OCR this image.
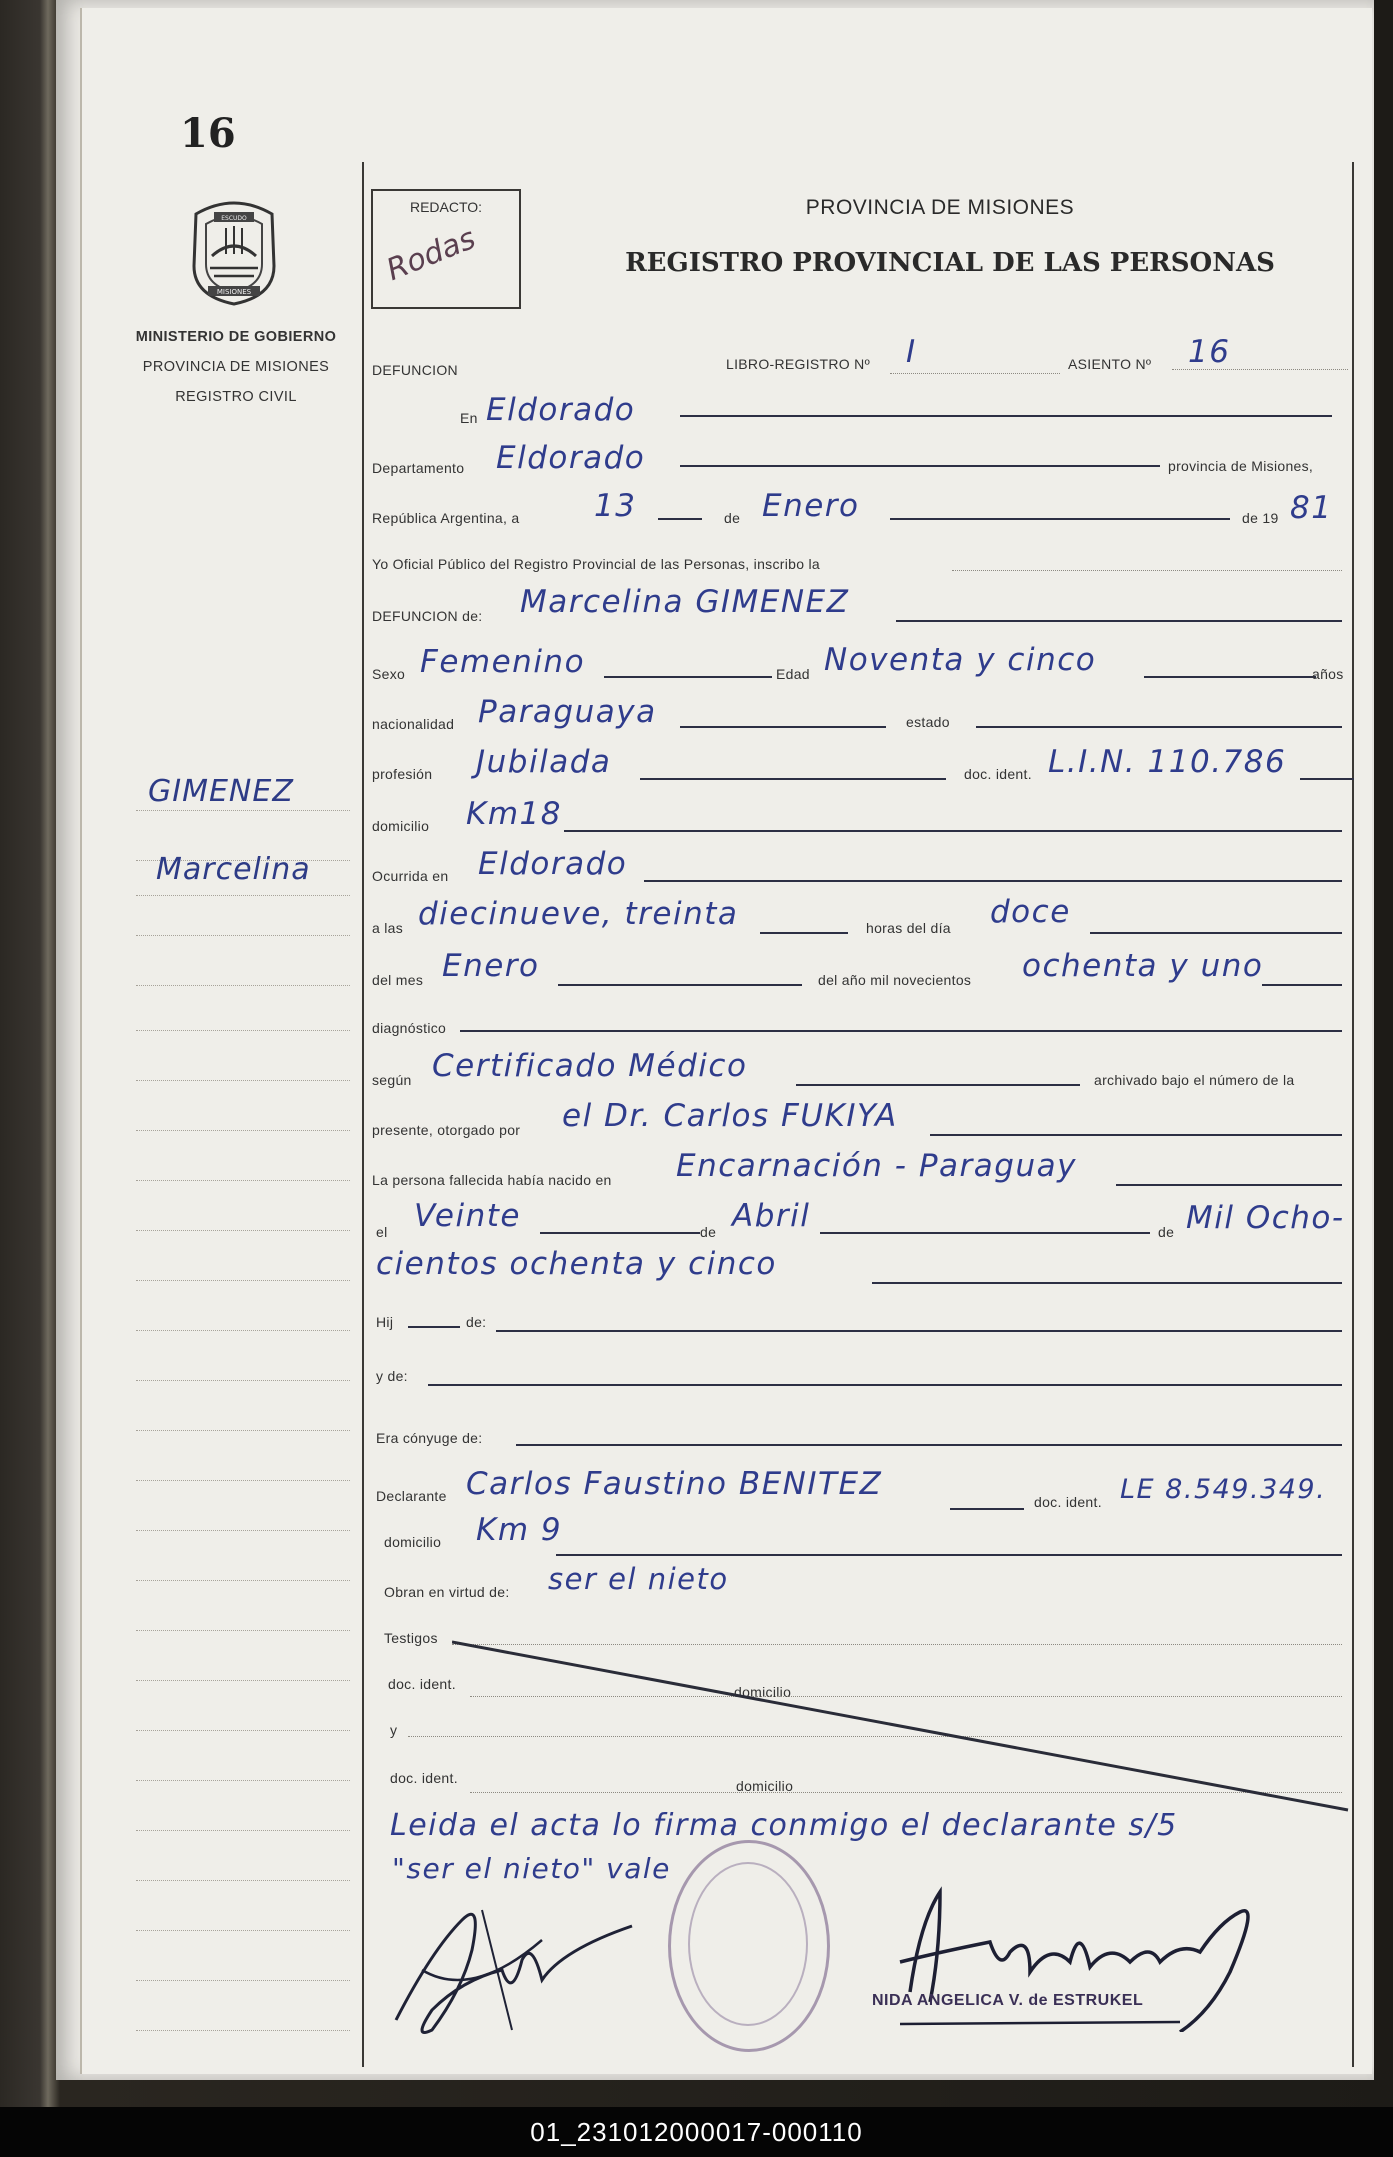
16
ESCUDO
MISIONES
MINISTERIO DE GOBIERNO
PROVINCIA DE MISIONES
REGISTRO CIVIL
GIMENEZ
Marcelina
REDACTO:
Rodas
PROVINCIA DE MISIONES
REGISTRO PROVINCIAL DE LAS PERSONAS
DEFUNCION	LIBRO-REGISTRO Nº I	ASIENTO Nº 16
En Eldorado
Departamento Eldorado	provincia de Misiones,
República Argentina, a 13	de Enero	de 19 81
Yo Oficial Público del Registro Provincial de las Personas, inscribo la
DEFUNCION de: Marcelina GIMENEZ
Sexo Femenino	Edad Noventa y cinco	años
nacionalidad Paraguaya	estado
profesión Jubilada	doc. ident. L.I.N. 110.786
domicilio Km18
Ocurrida en Eldorado
a las diecinueve, treinta	horas del día doce
del mes Enero	del año mil novecientos ochenta y uno
diagnóstico
según Certificado Médico	archivado bajo el número de la
presente, otorgado por el Dr. Carlos FUKIYA
La persona fallecida había nacido en Encarnación - Paraguay
el Veinte	de Abril	de Mil Ocho-
cientos ochenta y cinco
Hij	de:
y de:
Era cónyuge de:
Declarante Carlos Faustino BENITEZ	doc. ident. LE 8.549.349.
domicilio Km 9
Obran en virtud de: ser el nieto
Testigos
doc. ident.	domicilio
y
doc. ident.	domicilio
Leida el acta lo firma conmigo el declarante s/5
"ser el nieto" vale
NIDA ANGELICA V. de ESTRUKEL
01_231012000017-000110
